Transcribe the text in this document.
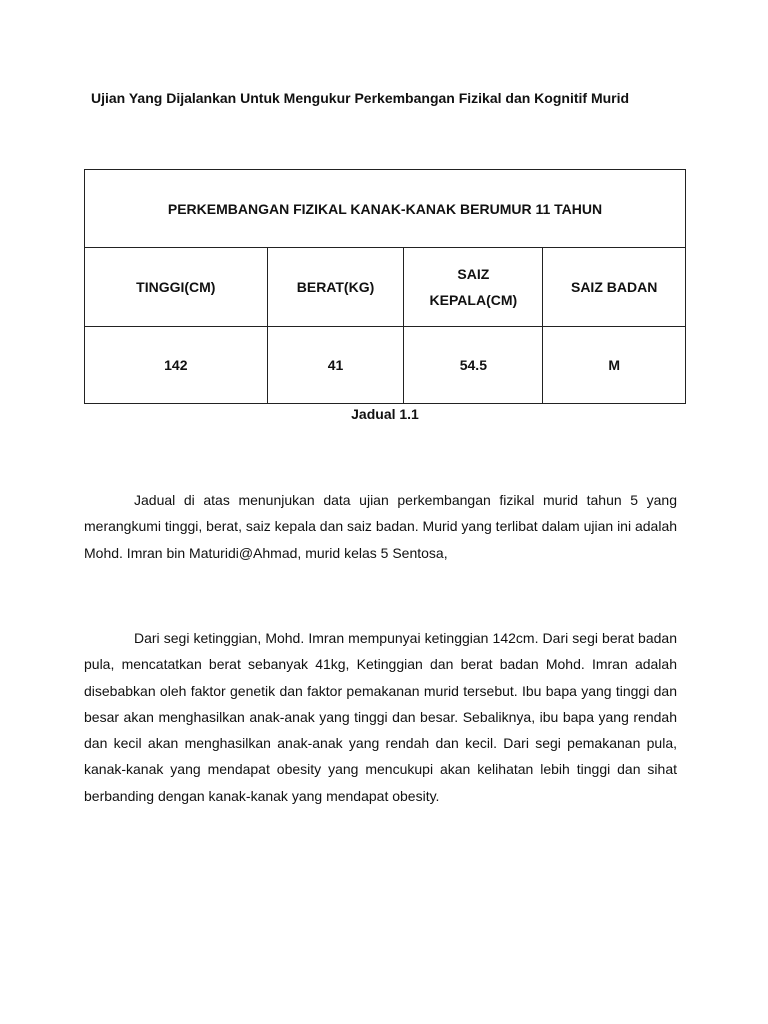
Ujian Yang Dijalankan Untuk Mengukur Perkembangan Fizikal dan Kognitif Murid
PERKEMBANGAN FIZIKAL KANAK-KANAK BERUMUR 11 TAHUN			
TINGGI(CM)	BERAT(KG)	SAIZ KEPALA(CM)	SAIZ BADAN
142	41	54.5	M
Jadual 1.1

Jadual di atas menunjukan data ujian perkembangan fizikal murid tahun 5 yang merangkumi tinggi, berat, saiz kepala dan saiz badan. Murid yang terlibat dalam ujian ini adalah Mohd. Imran bin Maturidi@Ahmad, murid kelas 5 Sentosa,

Dari segi ketinggian, Mohd. Imran mempunyai ketinggian 142cm. Dari segi berat badan pula, mencatatkan berat sebanyak 41kg, Ketinggian dan berat badan Mohd. Imran adalah disebabkan oleh faktor genetik dan faktor pemakanan murid tersebut. Ibu bapa yang tinggi dan besar akan menghasilkan anak-anak yang tinggi dan besar. Sebaliknya, ibu bapa yang rendah dan kecil akan menghasilkan anak-anak yang rendah dan kecil. Dari segi pemakanan pula, kanak-kanak yang mendapat obesity yang mencukupi akan kelihatan lebih tinggi dan sihat berbanding dengan kanak-kanak yang mendapat obesity.
